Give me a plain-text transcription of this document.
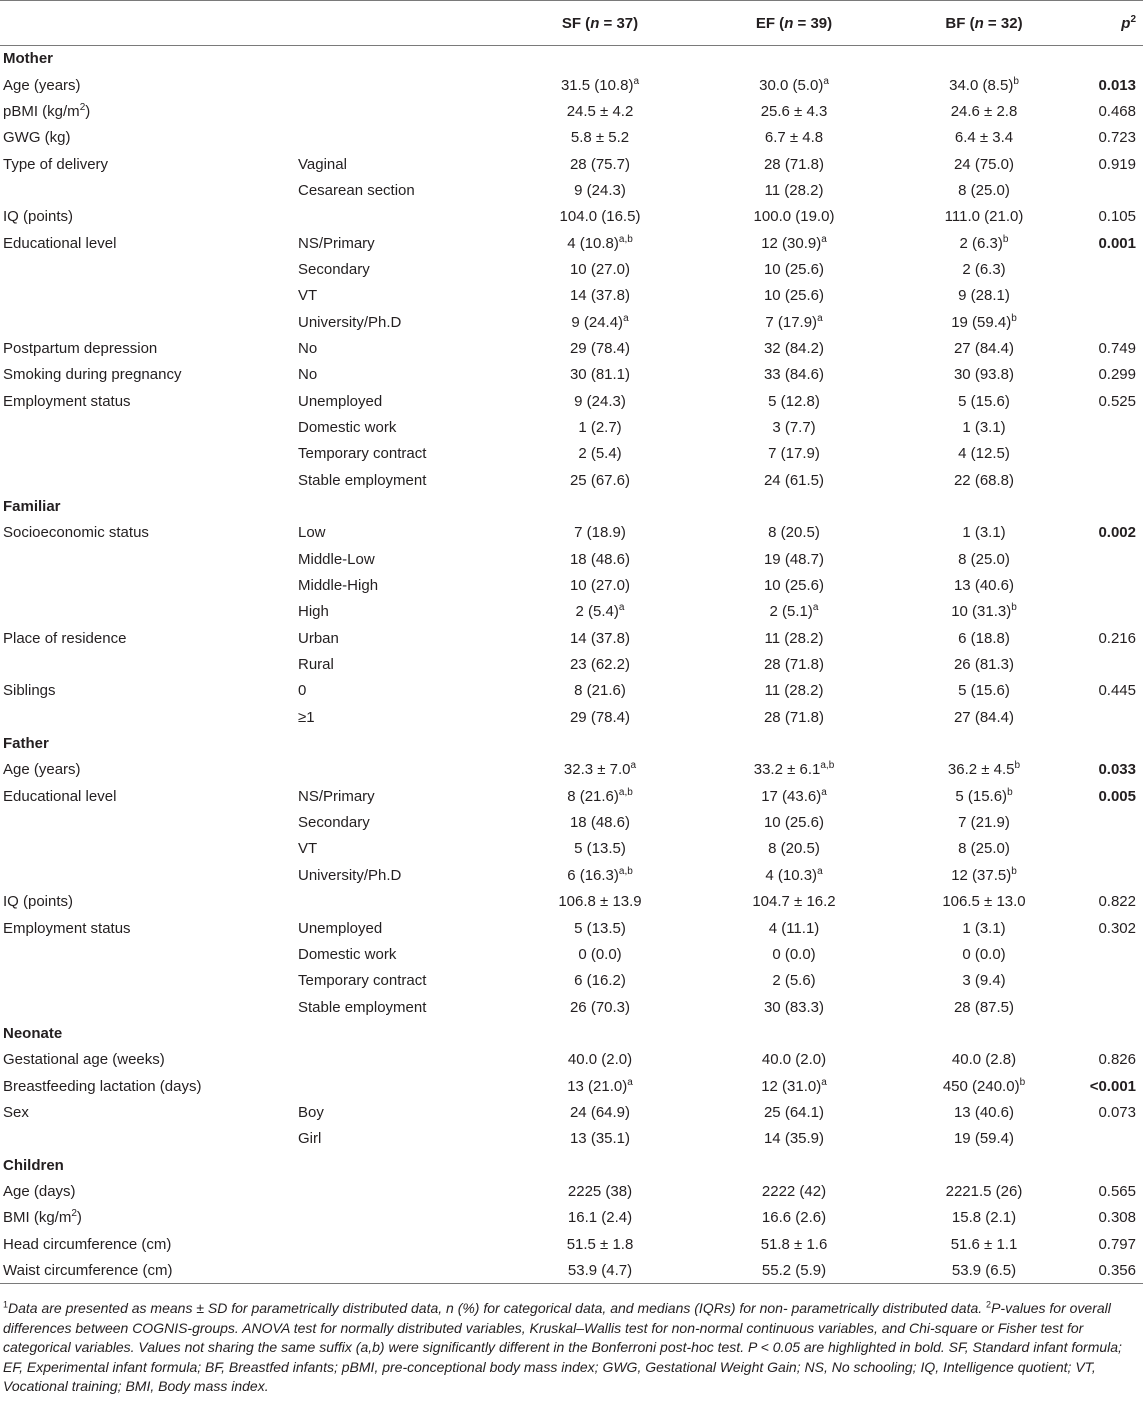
		SF (n = 37)	EF (n = 39)	BF (n = 32)	$p^2$
Mother					
Age (years)		31.5 $(10.8)^a$	30.0 $(5.0)^a$	34.0 $(8.5)^b$	0.013
pBMI $(kg/m^2)$		24.5 ± 4.2	25.6 ± 4.3	24.6 ± 2.8	0.468
GWG (kg)		5.8 ± 5.2	6.7 ± 4.8	6.4 ± 3.4	0.723
Type of delivery	Vaginal	28 (75.7)	28 (71.8)	24 (75.0)	0.919
	Cesarean section	9 (24.3)	11 (28.2)	8 (25.0)	
IQ (points)		104.0 (16.5)	100.0 (19.0)	111.0 (21.0)	0.105
Educational level	NS/Primary	4 $(10.8)^{a,b}$	12 $(30.9)^a$	2 $(6.3)^b$	0.001
	Secondary	10 (27.0)	10 (25.6)	2 (6.3)	
	VT	14 (37.8)	10 (25.6)	9 (28.1)	
	University/Ph.D	9 $(24.4)^a$	7 $(17.9)^a$	19 $(59.4)^b$	
Postpartum depression	No	29 (78.4)	32 (84.2)	27 (84.4)	0.749
Smoking during pregnancy	No	30 (81.1)	33 (84.6)	30 (93.8)	0.299
Employment status	Unemployed	9 (24.3)	5 (12.8)	5 (15.6)	0.525
	Domestic work	1 (2.7)	3 (7.7)	1 (3.1)	
	Temporary contract	2 (5.4)	7 (17.9)	4 (12.5)	
	Stable employment	25 (67.6)	24 (61.5)	22 (68.8)	
Familiar					
Socioeconomic status	Low	7 (18.9)	8 (20.5)	1 (3.1)	0.002
	Middle-Low	18 (48.6)	19 (48.7)	8 (25.0)	
	Middle-High	10 (27.0)	10 (25.6)	13 (40.6)	
	High	2 $(5.4)^a$	2 $(5.1)^a$	10 $(31.3)^b$	
Place of residence	Urban	14 (37.8)	11 (28.2)	6 (18.8)	0.216
	Rural	23 (62.2)	28 (71.8)	26 (81.3)	
Siblings	0	8 (21.6)	11 (28.2)	5 (15.6)	0.445
	≥1	29 (78.4)	28 (71.8)	27 (84.4)	
Father					
Age (years)		32.3 ± 7.0$^a$	$33.2 \pm 6.1^{a,b}$	36.2 ± 4.5$^b$	0.033
Educational level	NS/Primary	8 $(21.6)^{a,b}$	17 $(43.6)^a$	5 $(15.6)^b$	0.005
	Secondary	18 (48.6)	10 (25.6)	7 (21.9)	
	VT	5 (13.5)	8 (20.5)	8 (25.0)	
	University/Ph.D	6 $(16.3)^{a,b}$	4 $(10.3)^a$	12 $(37.5)^b$	
IQ (points)		106.8 ± 13.9	104.7 ± 16.2	106.5 ± 13.0	0.822
Employment status	Unemployed	5 (13.5)	4 (11.1)	1 (3.1)	0.302
	Domestic work	0 (0.0)	0 (0.0)	0 (0.0)	
	Temporary contract	6 (16.2)	2 (5.6)	3 (9.4)	
	Stable employment	26 (70.3)	30 (83.3)	28 (87.5)	
Neonate					
Gestational age (weeks)		40.0 (2.0)	40.0 (2.0)	40.0 (2.8)	0.826
Breastfeeding lactation (days)		13 $(21.0)^a$	12 $(31.0)^a$	450 $(240.0)^b$	<0.001
Sex	Boy	24 (64.9)	25 (64.1)	13 (40.6)	0.073
	Girl	13 (35.1)	14 (35.9)	19 (59.4)	
Children					
Age (days)		2225 (38)	2222 (42)	2221.5 (26)	0.565
BMI $(kg/m^2)$		16.1 (2.4)	16.6 (2.6)	15.8 (2.1)	0.308
Head circumference (cm)		51.5 ± 1.8	51.8 ± 1.6	51.6 ± 1.1	0.797
Waist circumference (cm)		53.9 (4.7)	55.2 (5.9)	53.9 (6.5)	0.356
$^1$Data are presented as means ± SD for parametrically distributed data, n (%) for categorical data, and medians (IQRs) for non- parametrically distributed data. $^2$P-values for overall differences between COGNIS-groups. ANOVA test for normally distributed variables, Kruskal–Wallis test for non-normal continuous variables, and Chi-square or Fisher test for categorical variables. Values not sharing the same suffix (a,b) were significantly different in the Bonferroni post-hoc test. P < 0.05 are highlighted in bold. SF, Standard infant formula; EF, Experimental infant formula; BF, Breastfed infants; pBMI, pre-conceptional body mass index; GWG, Gestational Weight Gain; NS, No schooling; IQ, Intelligence quotient; VT, Vocational training; BMI, Body mass index.
